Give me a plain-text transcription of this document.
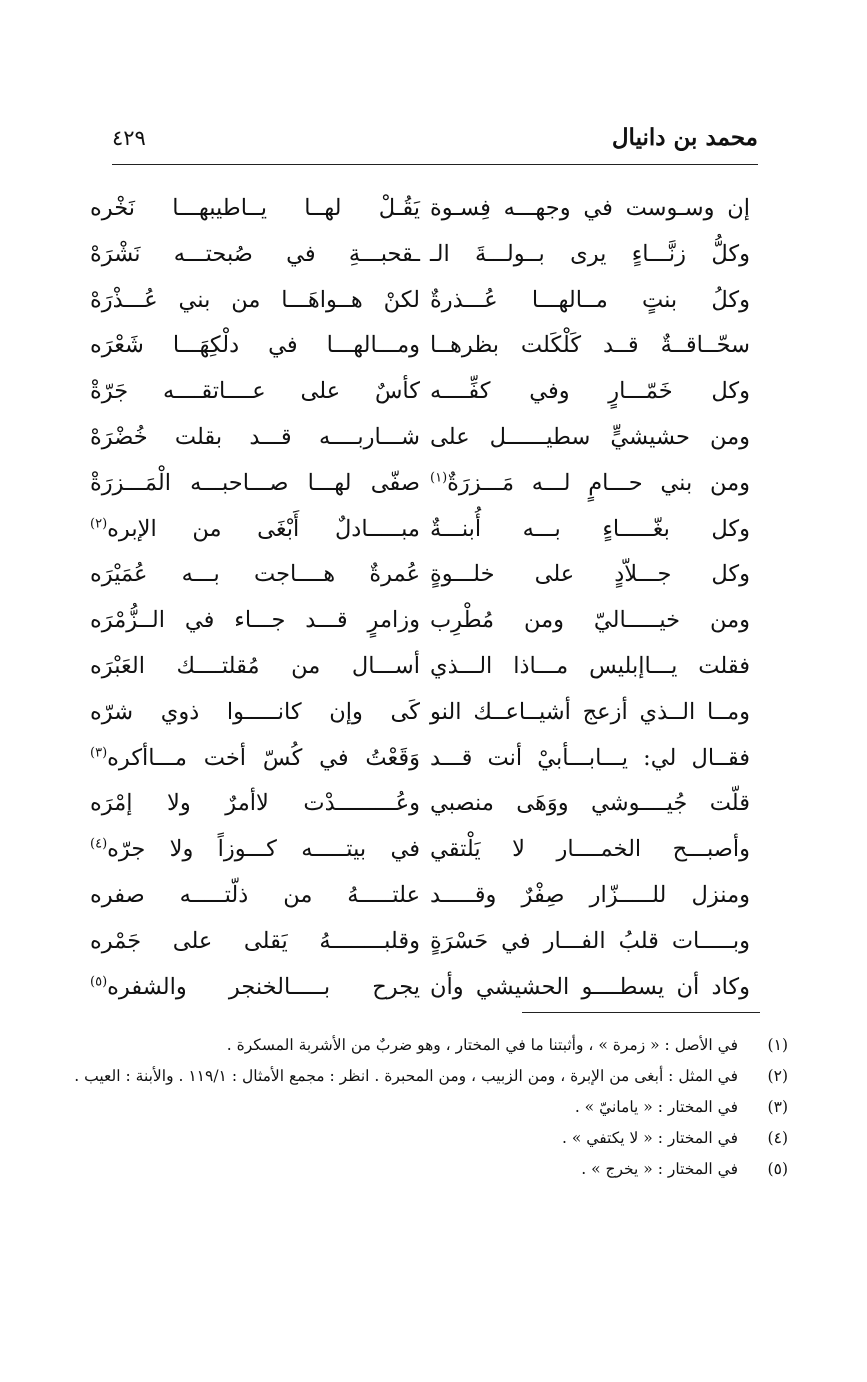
محمد بن دانيال
٤٢٩
إن وسـوست في وجهـــه فِسـوة
يَقُـلْ لهــا يــاطيبهـــا نَخْره
وكلُّ زنَّـــاءٍ يرى بــولـــةَ الـ
ـقحبـــةِ في صُبحتـــه نَشْرَهْ
وكلُ بنتٍ مــالهـــا عُـــذرةٌ
لكنْ هــواهَـــا من بني عُـــذْرَهْ
سحّــاقــةٌ قــد كَلْكَلت بظرهــا
ومـــالهـــا في دلْكِهَـــا شَعْرَه
وكل خَمّـــارٍ وفي كفِّــــه
كأسٌ على عــــاتقــــه جَرّةْ
ومن حشيشيٍّ سطيــــــل على
شـــاربــــه قـــد بقلت خُضْرَهْ
ومن بني حـــامٍ لـــه مَـــزرَةٌ$^{(١)}$
صفّى لهـــا صـــاحبـــه الْمَـــزرَةْ
وكل بغّـــــاءٍ بـــه أُبنـــةٌ
مبـــــادلٌ أَبْغَى من الإبره$^{(٢)}$
وكل جـــلاّدٍ على خلـــوةٍ
عُمرةٌ هــــاجت بـــه عُمَيْرَه
ومن خيـــــاليّ ومن مُطْرِب
وزامرٍ قـــد جـــاء في الــزُّمْرَه
فقلت يـــاإبليس مـــاذا الـــذي
أســـال من مُقلتــــك العَبْرَه
ومــا الــذي أزعج أشيــاعــك النو
كَى وإن كانـــــوا ذوي شرّه
فقــال لي: يـــابـــأبيْ أنت قـــد
وَقَعْتُ في كُسّ أخت مـــاأكره$^{(٣)}$
قلّت جُيــــوشي ووَهَى منصبي
وعُـــــــــدْت لاأمرٌ ولا إمْرَه
وأصبـــح الخمــــار لا يَلْتقي
في بيتـــــه كـــوزاً ولا جرّه$^{(٤)}$
ومنزل للـــــزّار صِفْرٌ وقـــــد
علتـــــهُ من ذلّتـــــه صفره
وبـــــات قلبُ الفـــار في حَسْرَةٍ
وقلبــــــــهُ يَقلى على جَمْره
وكاد أن يسطــــو الحشيشي وأن
يجرح بـــــالخنجر والشفره$^{(٥)}$
(١)
في الأصل : « زمرة » ، وأثبتنا ما في المختار ، وهو ضربٌ من الأشربة المسكرة .
(٢)
في المثل : أبغى من الإبرة ، ومن الزبيب ، ومن المحبرة . انظر : مجمع الأمثال : ١١٩/١ . والأبنة : العيب .
(٣)
في المختار : « يامانيّ » .
(٤)
في المختار : « لا يكتفي » .
(٥)
في المختار : « يخرج » .
